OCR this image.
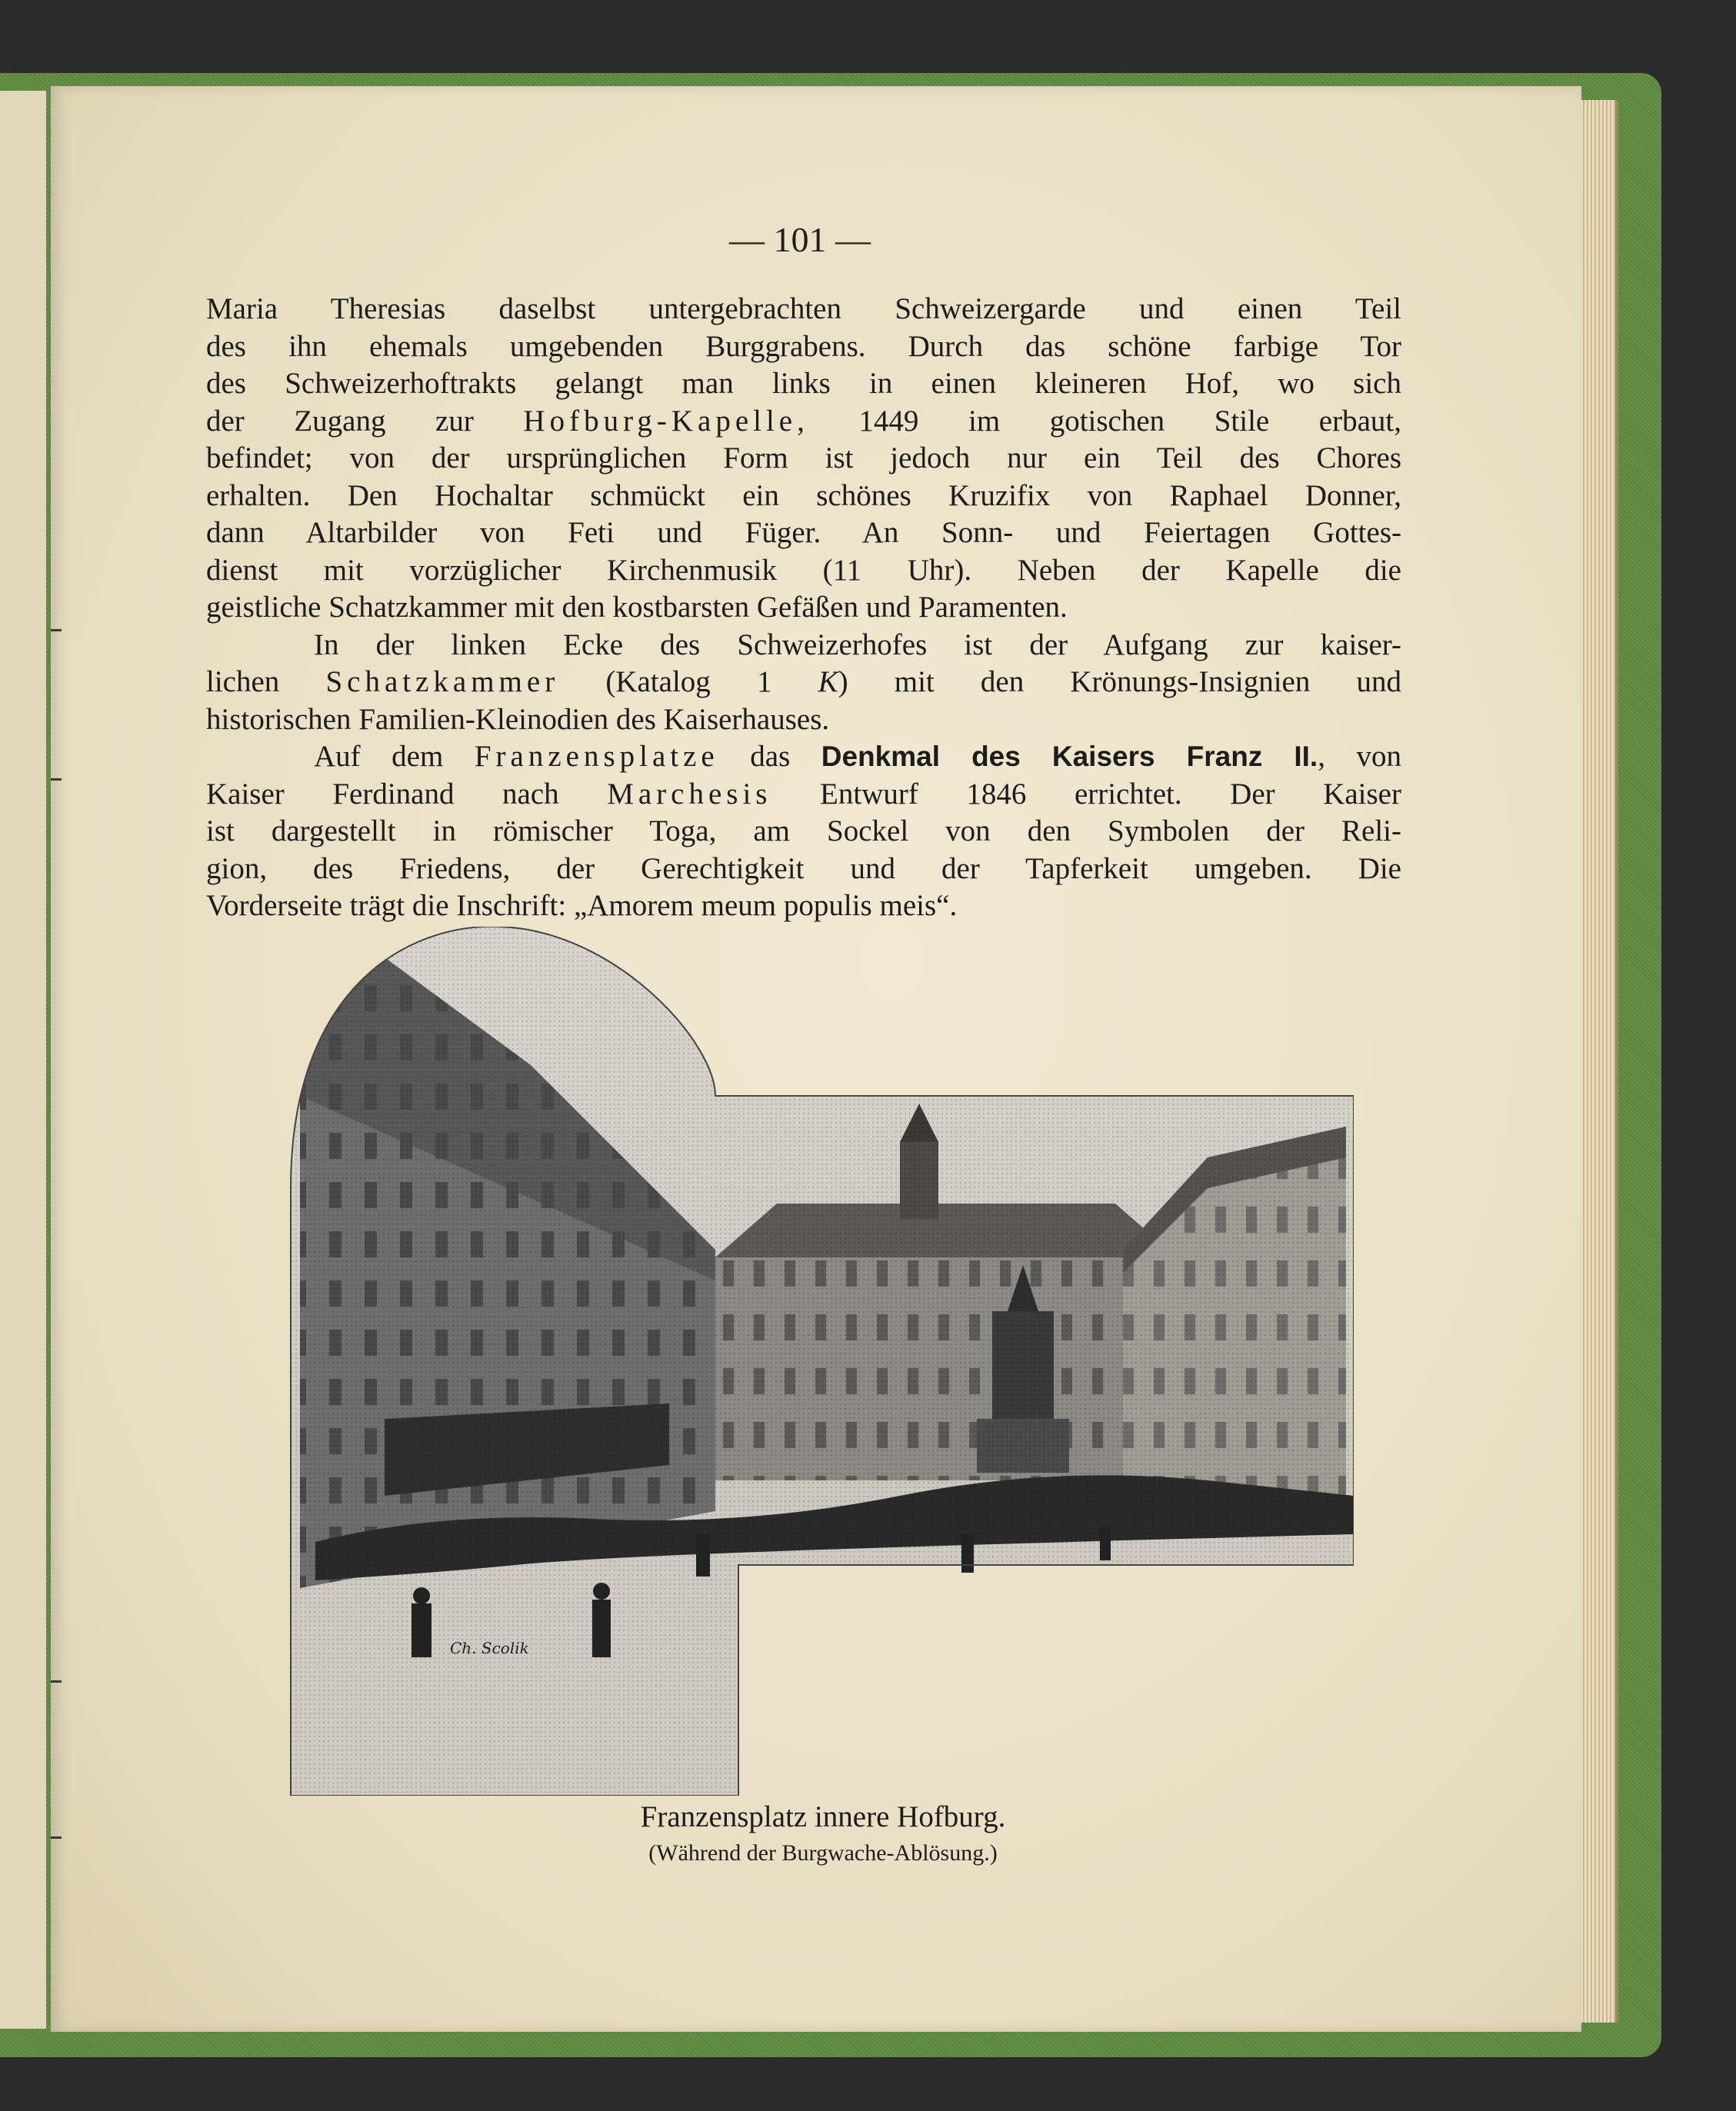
— 101 —

Maria Theresias daselbst untergebrachten Schweizergarde und einen Teil

des ihn ehemals umgebenden Burggrabens. Durch das schöne farbige Tor

des Schweizerhoftrakts gelangt man links in einen kleineren Hof, wo sich

der Zugang zur Hofburg-Kapelle, 1449 im gotischen Stile erbaut,

befindet; von der ursprünglichen Form ist jedoch nur ein Teil des Chores

erhalten. Den Hochaltar schmückt ein schönes Kruzifix von Raphael Donner,

dann Altarbilder von Feti und Füger. An Sonn- und Feiertagen Gottes-

dienst mit vorzüglicher Kirchenmusik (11 Uhr). Neben der Kapelle die

geistliche Schatzkammer mit den kostbarsten Gefäßen und Paramenten.

In der linken Ecke des Schweizerhofes ist der Aufgang zur kaiser-

lichen Schatzkammer (Katalog 1 K) mit den Krönungs-Insignien und

historischen Familien-Kleinodien des Kaiserhauses.

Auf dem Franzensplatze das Denkmal des Kaisers Franz II., von

Kaiser Ferdinand nach Marchesis Entwurf 1846 errichtet. Der Kaiser

ist dargestellt in römischer Toga, am Sockel von den Symbolen der Reli-

gion, des Friedens, der Gerechtigkeit und der Tapferkeit umgeben. Die

Vorderseite trägt die Inschrift: „Amorem meum populis meis“.

Ch. Scolik
Franzensplatz innere Hofburg.
(Während der Burgwache-Ablösung.)
